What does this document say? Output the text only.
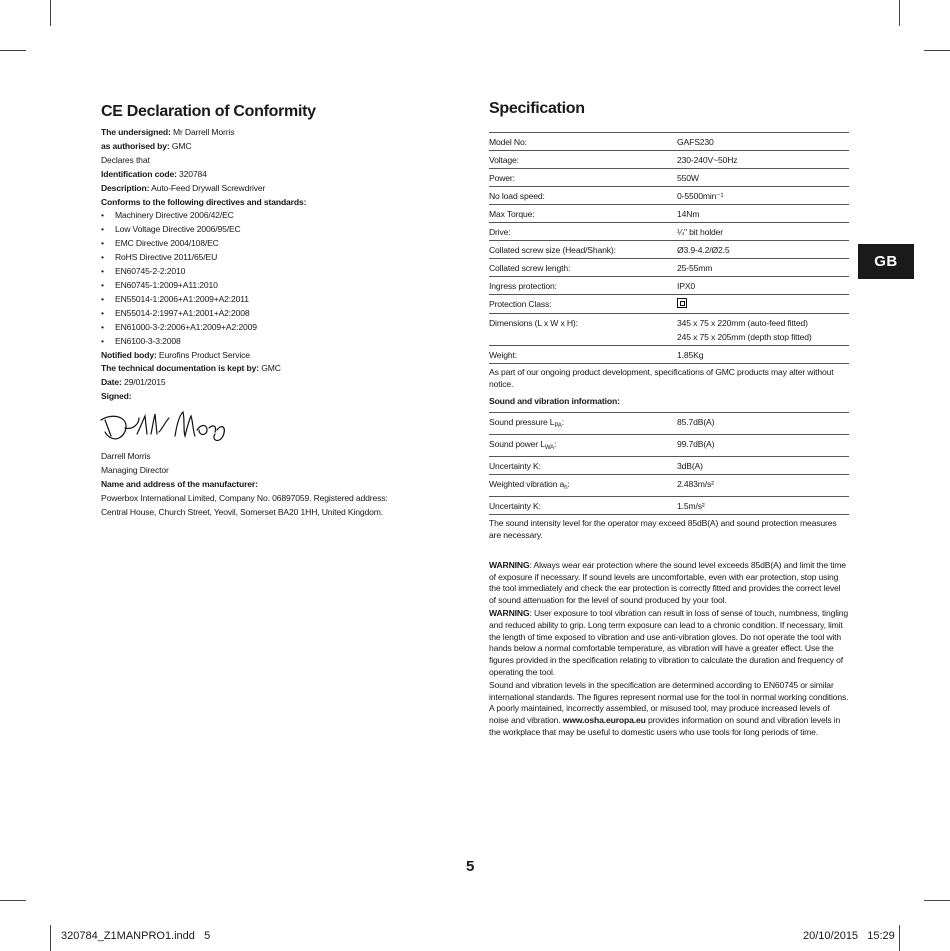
CE Declaration of Conformity
The undersigned: Mr Darrell Morris
as authorised by: GMC
Declares that
Identification code: 320784
Description: Auto-Feed Drywall Screwdriver
Conforms to the following directives and standards:
• Machinery Directive 2006/42/EC
• Low Voltage Directive 2006/95/EC
• EMC Directive 2004/108/EC
• RoHS Directive 2011/65/EU
• EN60745-2-2:2010
• EN60745-1:2009+A11:2010
• EN55014-1:2006+A1:2009+A2:2011
• EN55014-2:1997+A1:2001+A2:2008
• EN61000-3-2:2006+A1:2009+A2:2009
• EN6100-3-3:2008
Notified body: Eurofins Product Service
The technical documentation is kept by: GMC
Date: 29/01/2015
Signed:
Darrell Morris
Managing Director
Name and address of the manufacturer:
Powerbox International Limited, Company No. 06897059. Registered address: Central House, Church Street, Yeovil, Somerset BA20 1HH, United Kingdom.
Specification
Model No:	GAFS230
Voltage:	230-240V~50Hz
Power:	550W
No load speed:	0-5500min⁻¹
Max Torque:	14Nm
Drive:	¼" bit holder
Collated screw size (Head/Shank):	Ø3.9-4.2/Ø2.5
Collated screw length:	25-55mm
Ingress protection:	IPX0
Protection Class:	
Dimensions (L x W x H):	345 x 75 x 220mm (auto-feed fitted)
245 x 75 x 205mm (depth stop fitted)

Weight:	1.85Kg
As part of our ongoing product development, specifications of GMC products may alter without notice.
Sound and vibration information:
Sound pressure $L_{PA}$:	85.7dB(A)
Sound power $L_{WA}$:	99.7dB(A)
Uncertainty K:	3dB(A)
Weighted vibration $a_h$:	2.483m/s²
Uncertainty K:	1.5m/s²
The sound intensity level for the operator may exceed 85dB(A) and sound protection measures are necessary.

WARNING: Always wear ear protection where the sound level exceeds 85dB(A) and limit the time of exposure if necessary. If sound levels are uncomfortable, even with ear protection, stop using the tool immediately and check the ear protection is correctly fitted and provides the correct level of sound attenuation for the level of sound produced by your tool.

WARNING: User exposure to tool vibration can result in loss of sense of touch, numbness, tingling and reduced ability to grip. Long term exposure can lead to a chronic condition. If necessary, limit the length of time exposed to vibration and use anti-vibration gloves. Do not operate the tool with hands below a normal comfortable temperature, as vibration will have a greater effect. Use the figures provided in the specification relating to vibration to calculate the duration and frequency of operating the tool.

Sound and vibration levels in the specification are determined according to EN60745 or similar international standards. The figures represent normal use for the tool in normal working conditions. A poorly maintained, incorrectly assembled, or misused tool, may produce increased levels of noise and vibration. www.osha.europa.eu provides information on sound and vibration levels in the workplace that may be useful to domestic users who use tools for long periods of time.

GB
5
320784_Z1MANPRO1.indd   5	20/10/2015   15:29
